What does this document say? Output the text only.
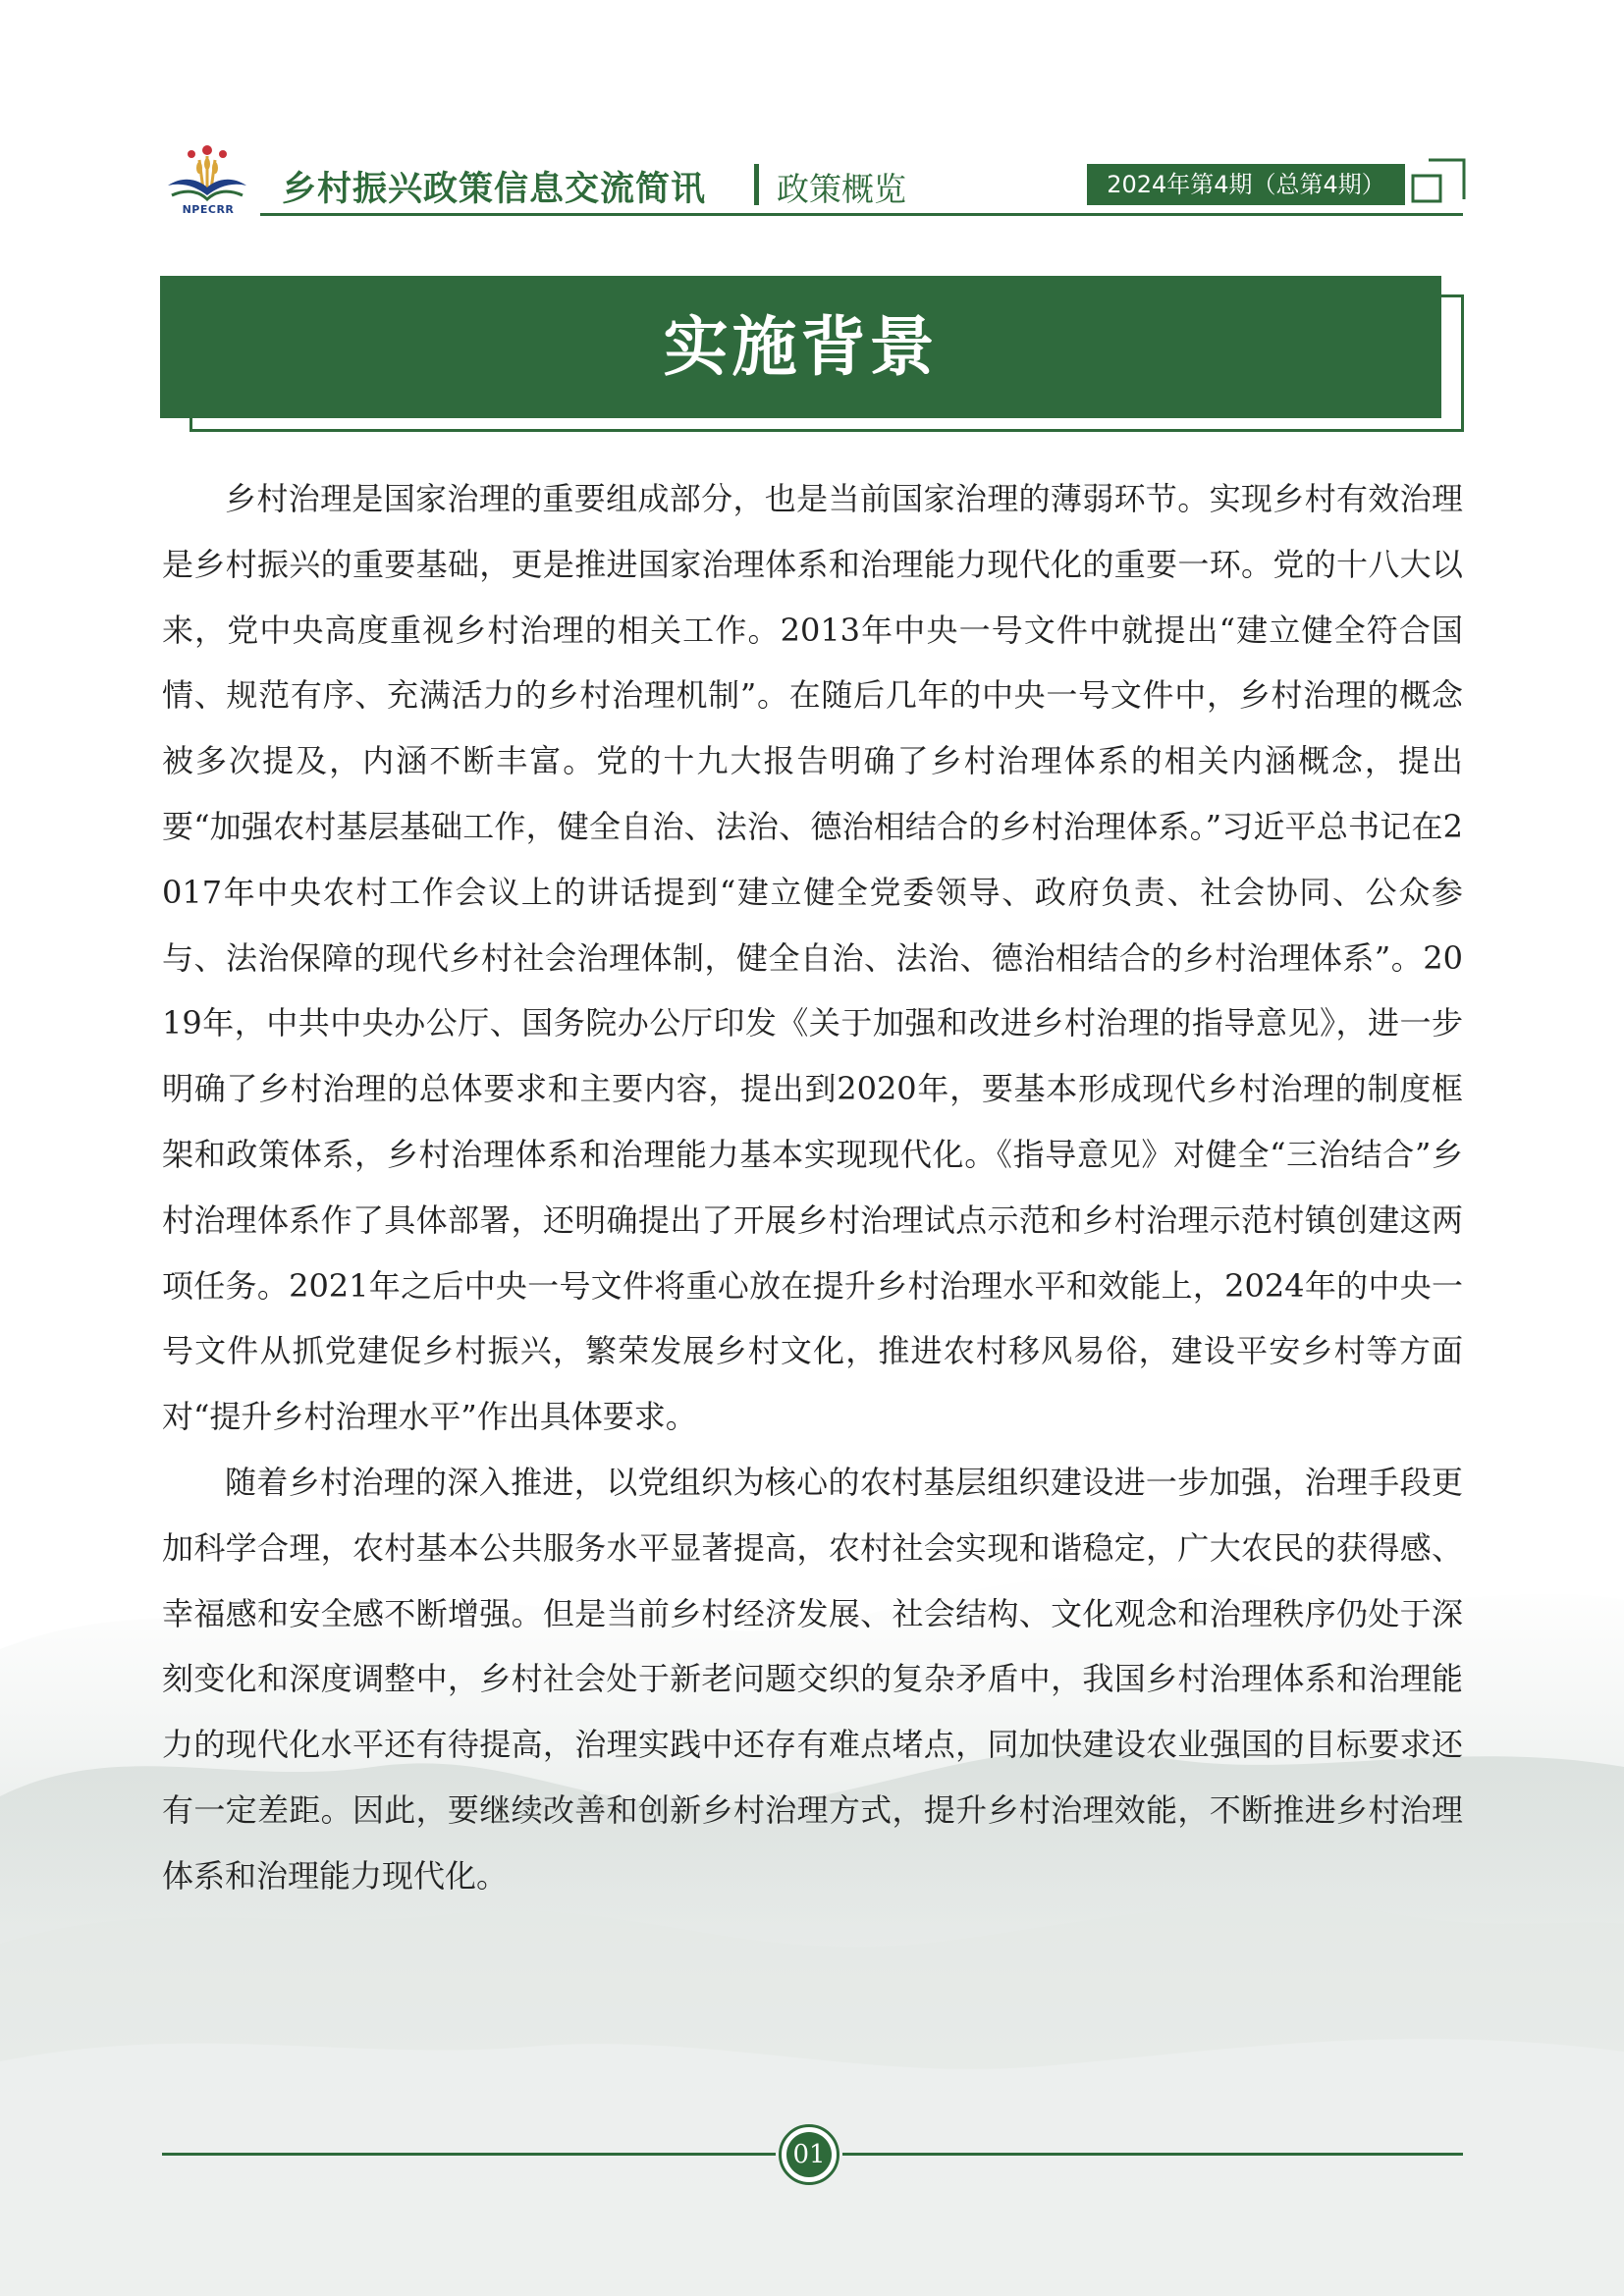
NPECRR
乡村振兴政策信息交流简讯 政策概览	2024年第4期（总第4期）
实施背景

乡村治理是国家治理的重要组成部分，也是当前国家治理的薄弱环节。实现乡村有效治理是乡村振兴的重要基础，更是推进国家治理体系和治理能力现代化的重要一环。党的十八大以来，党中央高度重视乡村治理的相关工作。2013年中央一号文件中就提出“建立健全符合国情、规范有序、充满活力的乡村治理机制”。在随后几年的中央一号文件中，乡村治理的概念被多次提及，内涵不断丰富。党的十九大报告明确了乡村治理体系的相关内涵概念，提出要“加强农村基层基础工作，健全自治、法治、德治相结合的乡村治理体系。”习近平总书记在2017年中央农村工作会议上的讲话提到“建立健全党委领导、政府负责、社会协同、公众参与、法治保障的现代乡村社会治理体制，健全自治、法治、德治相结合的乡村治理体系”。2019年，中共中央办公厅、国务院办公厅印发《关于加强和改进乡村治理的指导意见》，进一步明确了乡村治理的总体要求和主要内容，提出到2020年，要基本形成现代乡村治理的制度框架和政策体系，乡村治理体系和治理能力基本实现现代化。《指导意见》对健全“三治结合”乡村治理体系作了具体部署，还明确提出了开展乡村治理试点示范和乡村治理示范村镇创建这两项任务。2021年之后中央一号文件将重心放在提升乡村治理水平和效能上，2024年的中央一号文件从抓党建促乡村振兴，繁荣发展乡村文化，推进农村移风易俗，建设平安乡村等方面对“提升乡村治理水平”作出具体要求。

随着乡村治理的深入推进，以党组织为核心的农村基层组织建设进一步加强，治理手段更加科学合理，农村基本公共服务水平显著提高，农村社会实现和谐稳定，广大农民的获得感、幸福感和安全感不断增强。但是当前乡村经济发展、社会结构、文化观念和治理秩序仍处于深刻变化和深度调整中，乡村社会处于新老问题交织的复杂矛盾中，我国乡村治理体系和治理能力的现代化水平还有待提高，治理实践中还存有难点堵点，同加快建设农业强国的目标要求还有一定差距。因此，要继续改善和创新乡村治理方式，提升乡村治理效能，不断推进乡村治理体系和治理能力现代化。

01
